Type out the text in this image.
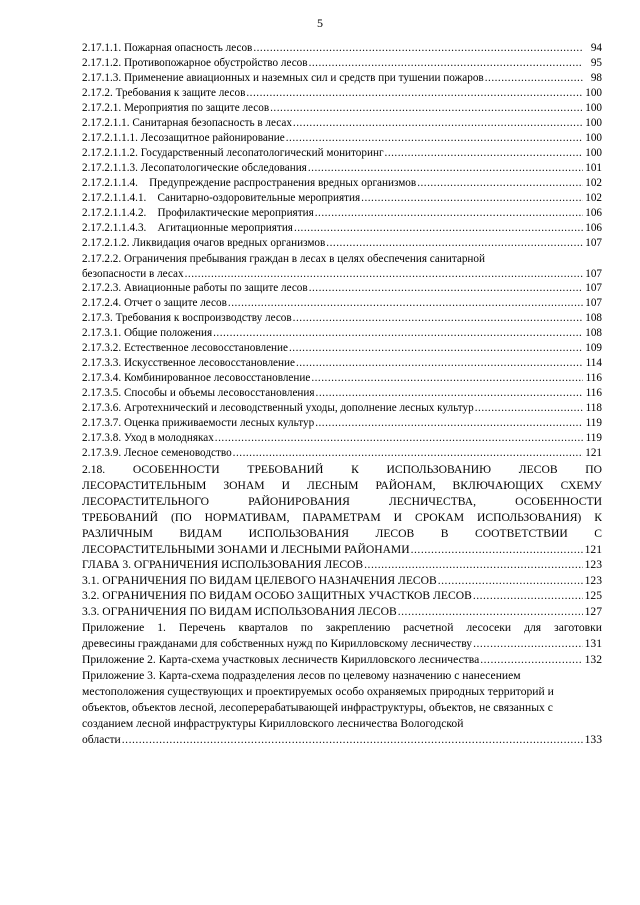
5
2.17.1.1. Пожарная опасность лесов .....	94
2.17.1.2. Противопожарное обустройство лесов .....	95
2.17.1.3. Применение авиационных и наземных сил и средств при тушении пожаров .....	98
2.17.2. Требования к защите лесов .....	100
2.17.2.1. Мероприятия по защите лесов .....	100
2.17.2.1.1. Санитарная безопасность в лесах .....	100
2.17.2.1.1.1. Лесозащитное районирование .....	100
2.17.2.1.1.2. Государственный лесопатологический мониторинг .....	100
2.17.2.1.1.3. Лесопатологические обследования .....	101
2.17.2.1.1.4.    Предупреждение распространения вредных организмов .....	102
2.17.2.1.1.4.1.    Санитарно-оздоровительные мероприятия .....	102
2.17.2.1.1.4.2.    Профилактические мероприятия .....	106
2.17.2.1.1.4.3.    Агитационные мероприятия .....	106
2.17.2.1.2. Ликвидация очагов вредных организмов .....	107
2.17.2.2. Ограничения пребывания граждан в лесах в целях обеспечения санитарной
безопасности в лесах .....	107
2.17.2.3. Авиационные работы по защите лесов .....	107
2.17.2.4. Отчет о защите лесов .....	107
2.17.3. Требования к воспроизводству лесов .....	108
2.17.3.1. Общие положения .....	108
2.17.3.2. Естественное лесовосстановление .....	109
2.17.3.3. Искусственное лесовосстановление .....	114
2.17.3.4. Комбинированное лесовосстановление .....	116
2.17.3.5. Способы и объемы лесовосстановления .....	116
2.17.3.6. Агротехнический и лесоводственный уходы, дополнение лесных культур .....	118
2.17.3.7. Оценка приживаемости лесных культур .....	119
2.17.3.8. Уход в молодняках .....	119
2.17.3.9. Лесное семеноводство .....	121
2.18. ОСОБЕННОСТИ ТРЕБОВАНИЙ К ИСПОЛЬЗОВАНИЮ ЛЕСОВ ПО
ЛЕСОРАСТИТЕЛЬНЫМ ЗОНАМ И ЛЕСНЫМ РАЙОНАМ, ВКЛЮЧАЮЩИХ СХЕМУ
ЛЕСОРАСТИТЕЛЬНОГО РАЙОНИРОВАНИЯ ЛЕСНИЧЕСТВА, ОСОБЕННОСТИ
ТРЕБОВАНИЙ (ПО НОРМАТИВАМ, ПАРАМЕТРАМ И СРОКАМ ИСПОЛЬЗОВАНИЯ) К
РАЗЛИЧНЫМ ВИДАМ ИСПОЛЬЗОВАНИЯ ЛЕСОВ В СООТВЕТСТВИИ С
ЛЕСОРАСТИТЕЛЬНЫМИ ЗОНАМИ И ЛЕСНЫМИ РАЙОНАМИ .....	121
ГЛАВА 3. ОГРАНИЧЕНИЯ ИСПОЛЬЗОВАНИЯ ЛЕСОВ .....	123
3.1. ОГРАНИЧЕНИЯ ПО ВИДАМ ЦЕЛЕВОГО НАЗНАЧЕНИЯ ЛЕСОВ .....	123
3.2. ОГРАНИЧЕНИЯ ПО ВИДАМ ОСОБО ЗАЩИТНЫХ УЧАСТКОВ ЛЕСОВ .....	125
3.3. ОГРАНИЧЕНИЯ ПО ВИДАМ ИСПОЛЬЗОВАНИЯ ЛЕСОВ .....	127
Приложение 1. Перечень кварталов по закреплению расчетной лесосеки для заготовки
древесины гражданами для собственных нужд по Кирилловскому лесничеству .....	131
Приложение 2. Карта-схема участковых лесничеств Кирилловского лесничества .....	132
Приложение 3. Карта-схема подразделения лесов по целевому назначению с нанесением
местоположения существующих и проектируемых особо охраняемых природных территорий и
объектов, объектов лесной, лесоперерабатывающей инфраструктуры, объектов, не связанных с
созданием лесной инфраструктуры Кирилловского лесничества Вологодской
области .....	133
